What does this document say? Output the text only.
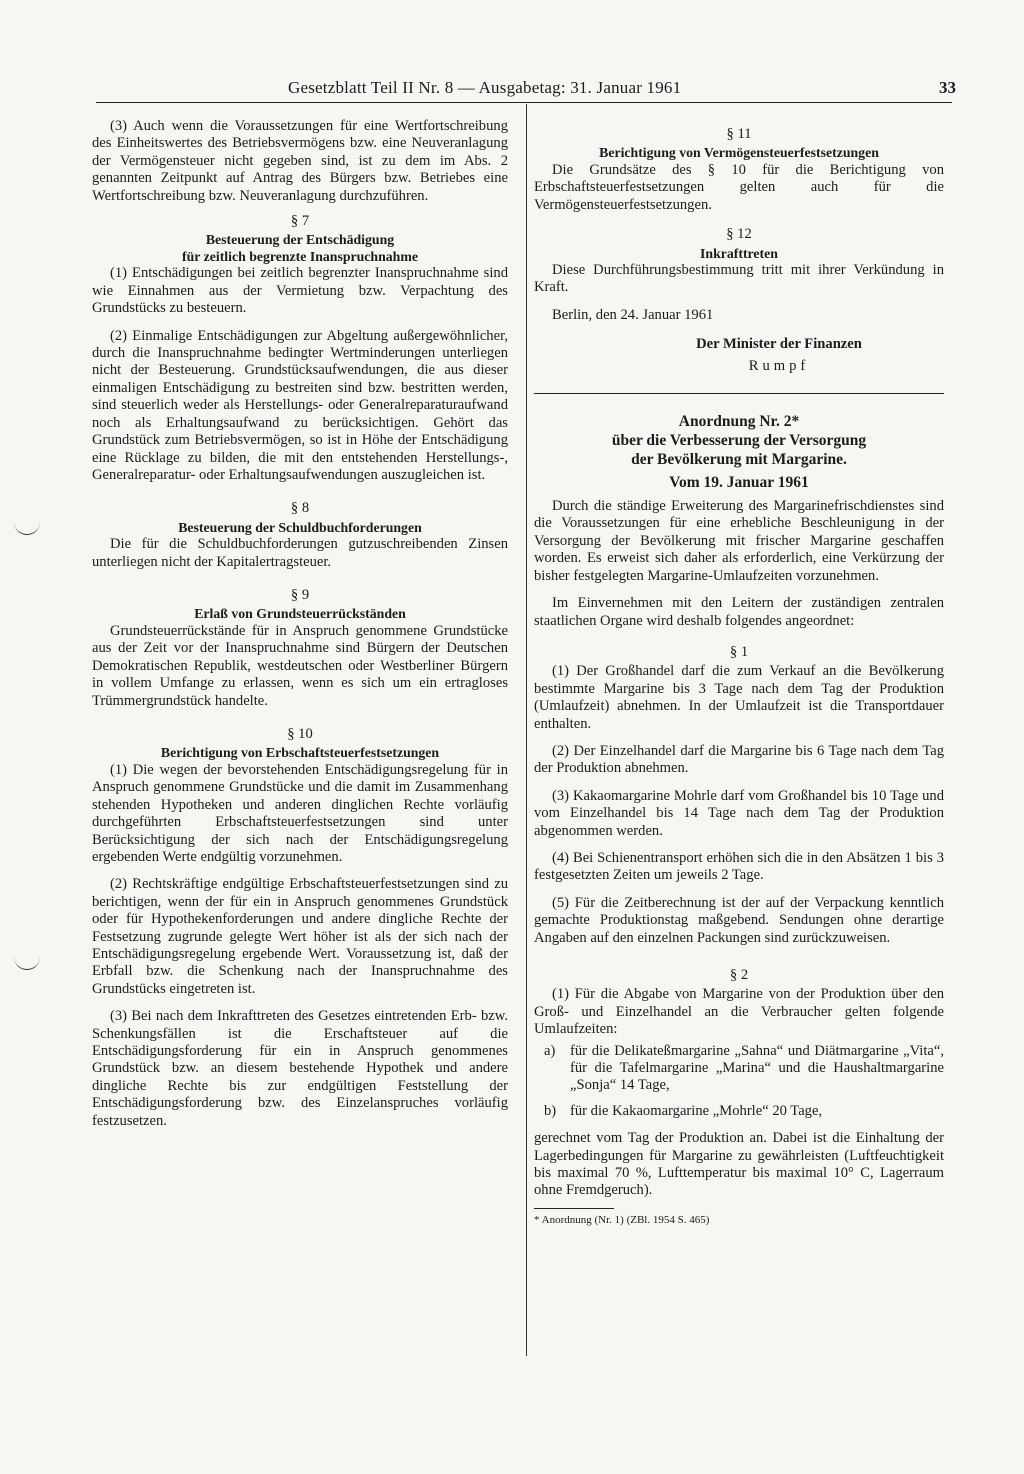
Gesetzblatt Teil II Nr. 8 — Ausgabetag: 31. Januar 1961	33

(3) Auch wenn die Voraussetzungen für eine Wertfortschreibung des Einheitswertes des Betriebsvermögens bzw. eine Neuveranlagung der Vermögensteuer nicht gegeben sind, ist zu dem im Abs. 2 genannten Zeitpunkt auf Antrag des Bürgers bzw. Betriebes eine Wertfortschreibung bzw. Neuveranlagung durchzuführen.

§ 7
Besteuerung der Entschädigung
für zeitlich begrenzte Inanspruchnahme

(1) Entschädigungen bei zeitlich begrenzter Inanspruchnahme sind wie Einnahmen aus der Vermietung bzw. Verpachtung des Grundstücks zu besteuern.

(2) Einmalige Entschädigungen zur Abgeltung außergewöhnlicher, durch die Inanspruchnahme bedingter Wertminderungen unterliegen nicht der Besteuerung. Grundstücksaufwendungen, die aus dieser einmaligen Entschädigung zu bestreiten sind bzw. bestritten werden, sind steuerlich weder als Herstellungs- oder Generalreparaturaufwand noch als Erhaltungsaufwand zu berücksichtigen. Gehört das Grundstück zum Betriebsvermögen, so ist in Höhe der Entschädigung eine Rücklage zu bilden, die mit den entstehenden Herstellungs-, Generalreparatur- oder Erhaltungsaufwendungen auszugleichen ist.

§ 8
Besteuerung der Schuldbuchforderungen

Die für die Schuldbuchforderungen gutzuschreibenden Zinsen unterliegen nicht der Kapitalertragsteuer.

§ 9
Erlaß von Grundsteuerrückständen

Grundsteuerrückstände für in Anspruch genommene Grundstücke aus der Zeit vor der Inanspruchnahme sind Bürgern der Deutschen Demokratischen Republik, westdeutschen oder Westberliner Bürgern in vollem Umfange zu erlassen, wenn es sich um ein ertragloses Trümmergrundstück handelte.

§ 10
Berichtigung von Erbschaftsteuerfestsetzungen

(1) Die wegen der bevorstehenden Entschädigungsregelung für in Anspruch genommene Grundstücke und die damit im Zusammenhang stehenden Hypotheken und anderen dinglichen Rechte vorläufig durchgeführten Erbschaftsteuerfestsetzungen sind unter Berücksichtigung der sich nach der Entschädigungsregelung ergebenden Werte endgültig vorzunehmen.

(2) Rechtskräftige endgültige Erbschaftsteuerfestsetzungen sind zu berichtigen, wenn der für ein in Anspruch genommenes Grundstück oder für Hypothekenforderungen und andere dingliche Rechte der Festsetzung zugrunde gelegte Wert höher ist als der sich nach der Entschädigungsregelung ergebende Wert. Voraussetzung ist, daß der Erbfall bzw. die Schenkung nach der Inanspruchnahme des Grundstücks eingetreten ist.

(3) Bei nach dem Inkrafttreten des Gesetzes eintretenden Erb- bzw. Schenkungsfällen ist die Erschaftsteuer auf die Entschädigungsforderung für ein in Anspruch genommenes Grundstück bzw. an diesem bestehende Hypothek und andere dingliche Rechte bis zur endgültigen Feststellung der Entschädigungsforderung bzw. des Einzelanspruches vorläufig festzusetzen.

§ 11
Berichtigung von Vermögensteuerfestsetzungen

Die Grundsätze des § 10 für die Berichtigung von Erbschaftsteuerfestsetzungen gelten auch für die Vermögensteuerfestsetzungen.

§ 12
Inkrafttreten

Diese Durchführungsbestimmung tritt mit ihrer Verkündung in Kraft.

Berlin, den 24. Januar 1961

Der Minister der Finanzen
Rumpf
Anordnung Nr. 2*
über die Verbesserung der Versorgung
der Bevölkerung mit Margarine.
Vom 19. Januar 1961

Durch die ständige Erweiterung des Margarinefrischdienstes sind die Voraussetzungen für eine erhebliche Beschleunigung in der Versorgung der Bevölkerung mit frischer Margarine geschaffen worden. Es erweist sich daher als erforderlich, eine Verkürzung der bisher festgelegten Margarine-Umlaufzeiten vorzunehmen.

Im Einvernehmen mit den Leitern der zuständigen zentralen staatlichen Organe wird deshalb folgendes angeordnet:

§ 1

(1) Der Großhandel darf die zum Verkauf an die Bevölkerung bestimmte Margarine bis 3 Tage nach dem Tag der Produktion (Umlaufzeit) abnehmen. In der Umlaufzeit ist die Transportdauer enthalten.

(2) Der Einzelhandel darf die Margarine bis 6 Tage nach dem Tag der Produktion abnehmen.

(3) Kakaomargarine Mohrle darf vom Großhandel bis 10 Tage und vom Einzelhandel bis 14 Tage nach dem Tag der Produktion abgenommen werden.

(4) Bei Schienentransport erhöhen sich die in den Absätzen 1 bis 3 festgesetzten Zeiten um jeweils 2 Tage.

(5) Für die Zeitberechnung ist der auf der Verpackung kenntlich gemachte Produktionstag maßgebend. Sendungen ohne derartige Angaben auf den einzelnen Packungen sind zurückzuweisen.

§ 2

(1) Für die Abgabe von Margarine von der Produktion über den Groß- und Einzelhandel an die Verbraucher gelten folgende Umlaufzeiten:

a)	für die Delikateßmargarine „Sahna“ und Diätmargarine „Vita“, für die Tafelmargarine „Marina“ und die Haushaltmargarine „Sonja“ 14 Tage,
b) für die Kakaomargarine „Mohrle“ 20 Tage,

gerechnet vom Tag der Produktion an. Dabei ist die Einhaltung der Lagerbedingungen für Margarine zu gewährleisten (Luftfeuchtigkeit bis maximal 70 %, Lufttemperatur bis maximal 10° C, Lagerraum ohne Fremdgeruch).

* Anordnung (Nr. 1) (ZBl. 1954 S. 465)
